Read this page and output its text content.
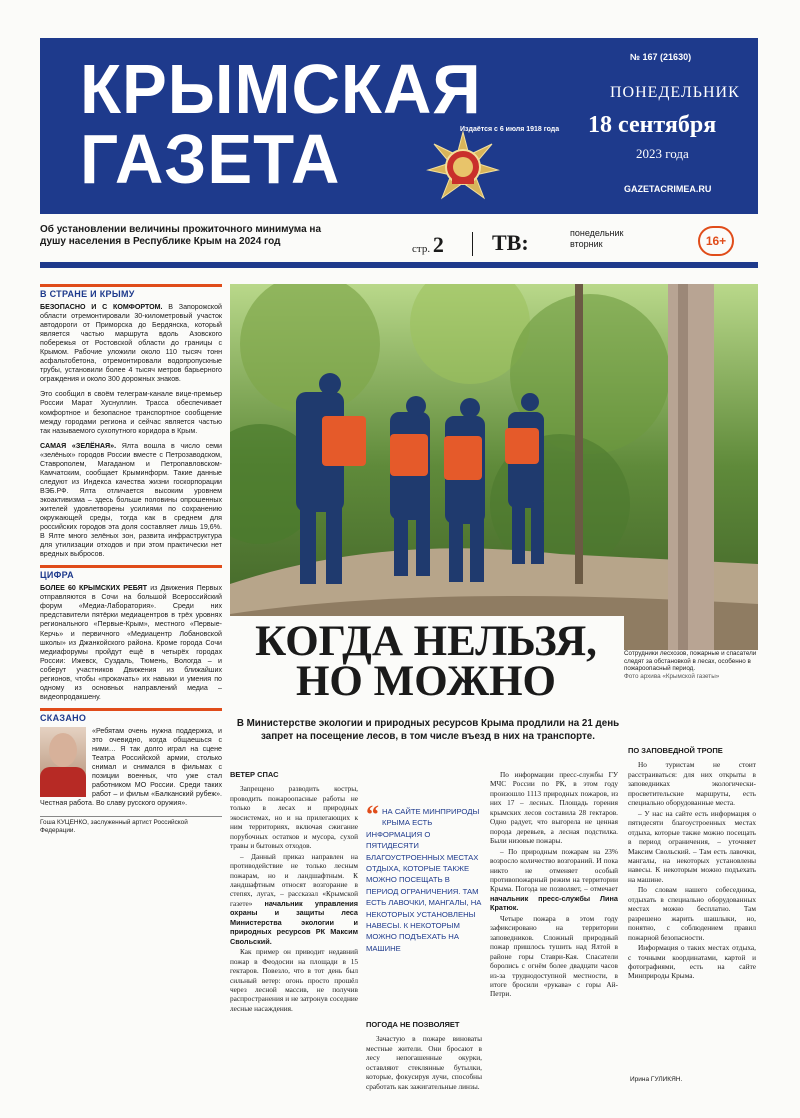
КРЫМСКАЯ
ГАЗЕТА	Издаётся с 6 июля 1918 года
№ 167 (21630)
ПОНЕДЕЛЬНИК
18 сентября
2023 года
GAZETACRIMEA.RU
Об установлении величины прожиточного минимума на душу населения в Республике Крым на 2024 год
стр. 2 ТВ:	понедельник
вторник	16+
В СТРАНЕ И КРЫМУ
БЕЗОПАСНО И С КОМФОРТОМ. В Запорожской области отремонтировали 30-километровый участок автодороги от Приморска до Бердянска, который является частью маршрута вдоль Азовского побережья от Ростовской области до границы с Крымом. Рабочие уложили около 110 тысяч тонн асфальтобетона, отремонтировали водопропускные трубы, установили более 4 тысяч метров барьерного ограждения и около 300 дорожных знаков.
Это сообщил в своём телеграм-канале вице-премьер России Марат Хуснуллин. Трасса обеспечивает комфортное и безопасное транспортное сообщение между городами региона и сейчас является частью так называемого сухопутного коридора в Крым.
САМАЯ «ЗЕЛЁНАЯ». Ялта вошла в число семи «зелёных» городов России вместе с Петрозаводском, Ставрополем, Магаданом и Петропавловском-Камчатским, сообщает Крыминформ. Такие данные следуют из Индекса качества жизни госкорпорации ВЭБ.РФ. Ялта отличается высоким уровнем экоактивизма – здесь больше половины опрошенных жителей удовлетворены усилиями по сохранению окружающей среды, тогда как в среднем для российских городов эта доля составляет лишь 19,6%. В Ялте много зелёных зон, развита инфраструктура для утилизации отходов и при этом практически нет вредных выбросов.
ЦИФРА
БОЛЕЕ 60 КРЫМСКИХ РЕБЯТ из Движения Первых отправляются в Сочи на большой Всероссийский форум «Медиа-Лаборатория». Среди них представители пятёрки медиацентров в трёх уровнях регионального «Первые-Крым», местного «Первые-Керчь» и первичного «Медиацентр Лобановской школы» из Джанкойского района. Кроме города Сочи медиафорумы пройдут ещё в четырёх городах России: Ижевск, Суздаль, Тюмень, Вологда – и соберут участников Движения из ближайших регионов, чтобы «прокачать» их навыки и умения по одному из основных направлений медиа – видеопродакшену.
СКАЗАНО
«Ребятам очень нужна поддержка, и это очевидно, когда общаешься с ними… Я так долго играл на сцене Театра Российской армии, столько снимал и снимался в фильмах с позиции военных, что уже стал работником МО России. Среди таких работ – и фильм «Балканский рубеж». Честная работа. Во славу русского оружия».
Гоша КУЦЕНКО, заслуженный артист Российской Федерации.
Сотрудники лесхозов, пожарные и спасатели следят за обстановкой в лесах, особенно в пожароопасный период.
Фото архива «Крымской газеты»
КОГДА НЕЛЬЗЯ,
НО МОЖНО
В Министерстве экологии и природных ресурсов Крыма продлили на 21 день запрет на посещение лесов, в том числе въезд в них на транспорте.

ВЕТЕР СПАС

Запрещено разводить костры, проводить пожароопасные работы не только в лесах и природных экосистемах, но и на прилегающих к ним территориях, включая сжигание порубочных остатков и мусора, сухой травы и бытовых отходов.

– Данный приказ направлен на противодействие не только лесным пожарам, но и ландшафтным. К ландшафтным относят возгорание в степях, лугах, – рассказал «Крымской газете» начальник управления охраны и защиты леса Министерства экологии и природных ресурсов РК Максим Свольский.

Как пример он приводит недавний пожар в Феодосии на площади в 15 гектаров. Повезло, что в тот день был сильный ветер: огонь просто прошёл через лесной массив, не получив распространения и не затронув соседние лесные насаждения.

“ НА САЙТЕ МИНПРИРОДЫ КРЫМА ЕСТЬ ИНФОРМАЦИЯ О ПЯТИДЕСЯТИ БЛАГОУСТРОЕННЫХ МЕСТАХ ОТДЫХА, КОТОРЫЕ ТАКЖЕ МОЖНО ПОСЕЩАТЬ В ПЕРИОД ОГРАНИЧЕНИЯ. ТАМ ЕСТЬ ЛАВОЧКИ, МАНГАЛЫ, НА НЕКОТОРЫХ УСТАНОВЛЕНЫ НАВЕСЫ. К НЕКОТОРЫМ МОЖНО ПОДЪЕХАТЬ НА МАШИНЕ

ПОГОДА НЕ ПОЗВОЛЯЕТ

Зачастую в пожаре виноваты местные жители. Они бросают в лесу непогашенные окурки, оставляют стеклянные бутылки, которые, фокусируя лучи, способны сработать как зажигательные линзы.

По информации пресс-службы ГУ МЧС России по РК, в этом году произошло 1113 природных пожаров, из них 17 – лесных. Площадь горения крымских лесов составила 28 гектаров. Одно радует, что выгорела не ценная порода деревьев, а лесная подстилка. Были низовые пожары.

– По природным пожарам на 23% возросло количество возгораний. И пока никто не отменяет особый противопожарный режим на территории Крыма. Погода не позволяет, – отмечает начальник пресс-службы Лина Кратюк.

Четыре пожара в этом году зафиксировано на территории заповедников. Сложный природный пожар пришлось тушить над Ялтой в районе горы Ставри-Кая. Спасатели боролись с огнём более двадцати часов из-за труднодоступной местности, в итоге бросили «рукава» с горы Ай-Петри.

ПО ЗАПОВЕДНОЙ ТРОПЕ

Но туристам не стоит расстраиваться: для них открыты в заповедниках экологически-просветительские маршруты, есть специально оборудованные места.

– У нас на сайте есть информация о пятидесяти благоустроенных местах отдыха, которые также можно посещать в период ограничения, – уточняет Максим Свольский. – Там есть лавочки, мангалы, на некоторых установлены навесы. К некоторым можно подъехать на машине.

По словам нашего собеседника, отдыхать в специально оборудованных местах можно бесплатно. Там разрешено жарить шашлыки, но, понятно, с соблюдением правил пожарной безопасности.

Информация о таких местах отдыха, с точными координатами, картой и фотографиями, есть на сайте Минприроды Крыма.

Ирина ГУЛИКЯН.
